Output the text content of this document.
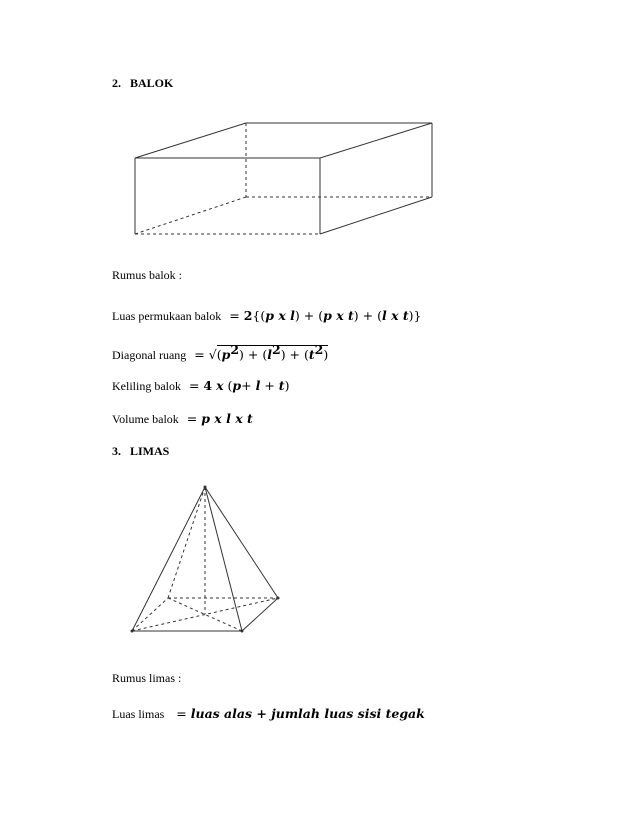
2. BALOK
Rumus balok :
Luas permukaan balok  = 2{(p x l) + (p x t) + (l x t)}
Diagonal ruang  = $√(p^2) + (l^2) + (t^2)$
Keliling balok  = 4 x (p+ l + t)
Volume balok  = p x l x t
3. LIMAS
Rumus limas :
Luas limas   = luas alas + jumlah luas sisi tegak
